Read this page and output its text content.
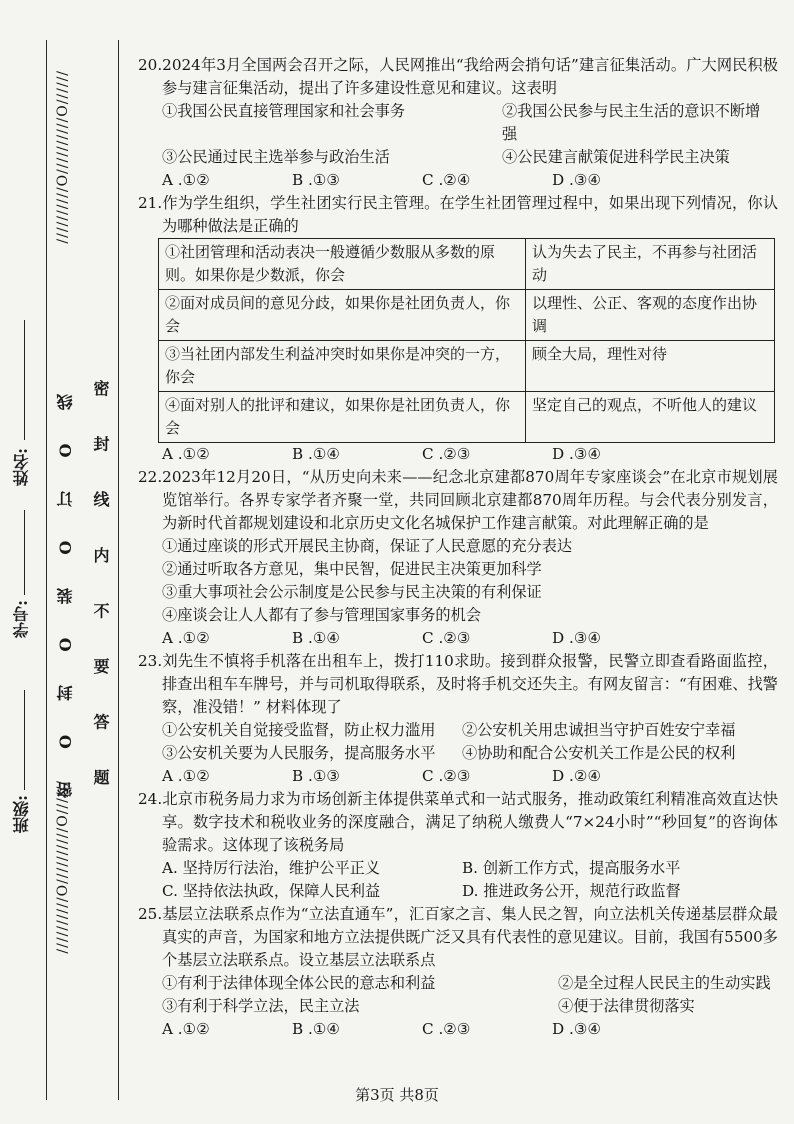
班级:
学号:
姓名:
//////////O//////////O//////
//////////O//////////O//////
密 O 封 O 装 O 订 O 线 密 封 线 内 不 要 答 题
20.2024年3月全国两会召开之际，人民网推出“我给两会捎句话”建言征集活动。广大网民积极参与建言征集活动，提出了许多建设性意见和建议。这表明
①我国公民直接管理国家和社会事务	②我国公民参与民主生活的意识不断增强
③公民通过民主选举参与政治生活	④公民建言献策促进科学民主决策
A .①②	B .①③	C .②④	D .③④
21.作为学生组织，学生社团实行民主管理。在学生社团管理过程中，如果出现下列情况，你认为哪种做法是正确的
①社团管理和活动表决一般遵循少数服从多数的原则。如果你是少数派，你会	认为失去了民主，不再参与社团活动
②面对成员间的意见分歧，如果你是社团负责人，你会	以理性、公正、客观的态度作出协调
③当社团内部发生利益冲突时如果你是冲突的一方，你会	顾全大局，理性对待
④面对别人的批评和建议，如果你是社团负责人，你会	坚定自己的观点，不听他人的建议
A .①②	B .①④	C .②③	D .③④
22.2023年12月20日，“从历史向未来——纪念北京建都870周年专家座谈会”在北京市规划展览馆举行。各界专家学者齐聚一堂，共同回顾北京建都870周年历程。与会代表分别发言，为新时代首都规划建设和北京历史文化名城保护工作建言献策。对此理解正确的是
①通过座谈的形式开展民主协商，保证了人民意愿的充分表达
②通过听取各方意见，集中民智，促进民主决策更加科学
③重大事项社会公示制度是公民参与民主决策的有利保证
④座谈会让人人都有了参与管理国家事务的机会
A .①②	B .①④	C .②③	D .③④
23.刘先生不慎将手机落在出租车上，拨打110求助。接到群众报警，民警立即查看路面监控，排查出租车车牌号，并与司机取得联系，及时将手机交还失主。有网友留言：“有困难、找警察，准没错！” 材料体现了
①公安机关自觉接受监督，防止权力滥用	②公安机关用忠诚担当守护百姓安宁幸福
③公安机关要为人民服务，提高服务水平	④协助和配合公安机关工作是公民的权利
A .①②	B .①③	C .②③	D .②④
24.北京市税务局力求为市场创新主体提供菜单式和一站式服务，推动政策红利精准高效直达快享。数字技术和税收业务的深度融合，满足了纳税人缴费人“7×24小时”“秒回复”的咨询体验需求。这体现了该税务局
A. 坚持厉行法治，维护公平正义	B. 创新工作方式，提高服务水平
C. 坚持依法执政，保障人民利益	D. 推进政务公开，规范行政监督
25.基层立法联系点作为“立法直通车”，汇百家之言、集人民之智，向立法机关传递基层群众最真实的声音，为国家和地方立法提供既广泛又具有代表性的意见建议。目前，我国有5500多个基层立法联系点。设立基层立法联系点
①有利于法律体现全体公民的意志和利益	②是全过程人民民主的生动实践
③有利于科学立法，民主立法	④便于法律贯彻落实
A .①②	B .①④	C .②③	D .③④
第3页 共8页
